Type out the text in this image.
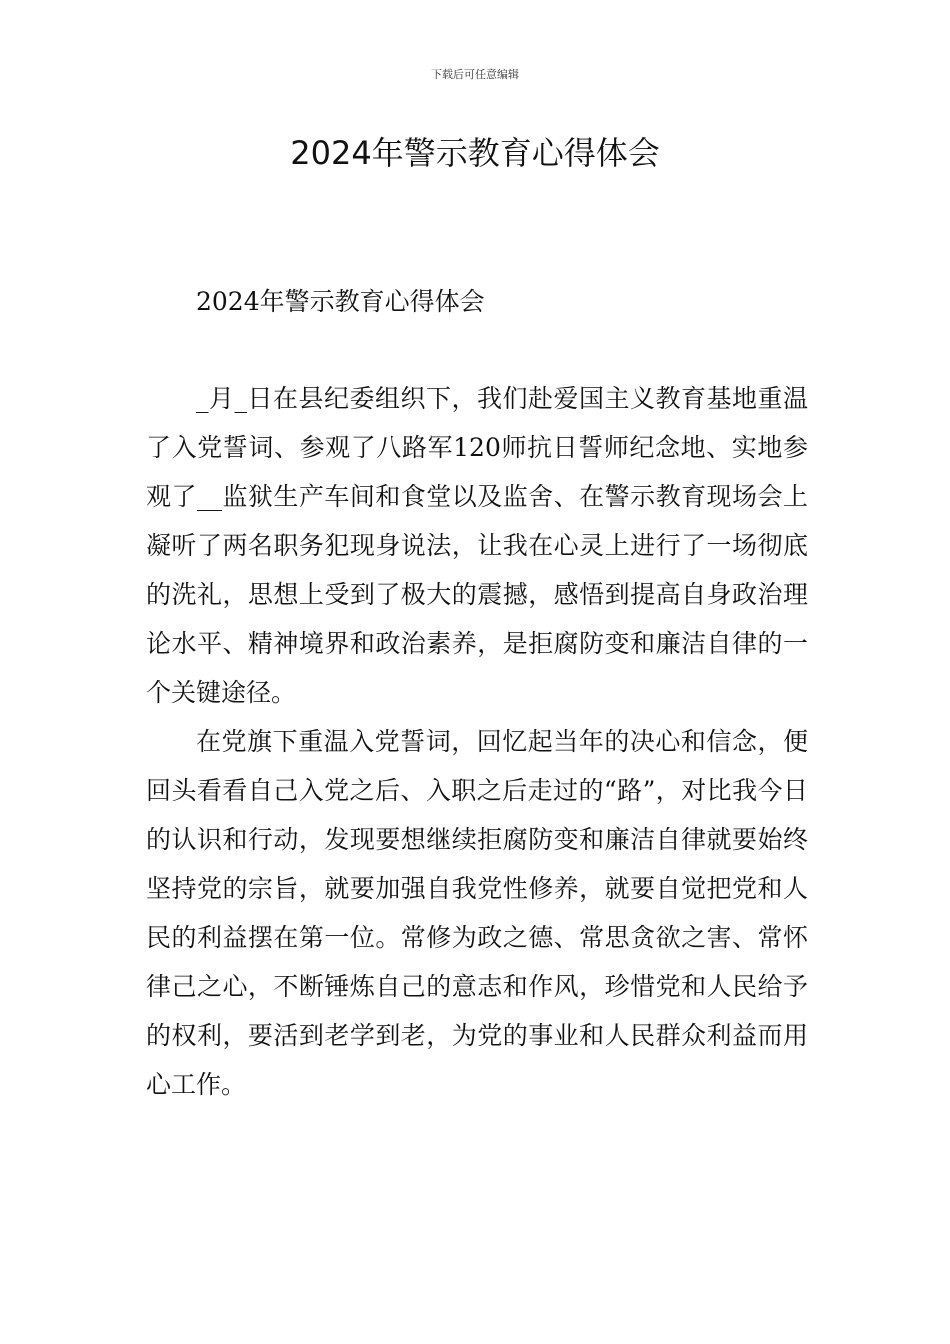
下载后可任意编辑
2024年警示教育心得体会

2024年警示教育心得体会

_月_日在县纪委组织下，我们赴爱国主义教育基地重温了入党誓词、参观了八路军120师抗日誓师纪念地、实地参观了__监狱生产车间和食堂以及监舍、在警示教育现场会上凝听了两名职务犯现身说法，让我在心灵上进行了一场彻底的洗礼，思想上受到了极大的震撼，感悟到提高自身政治理论水平、精神境界和政治素养，是拒腐防变和廉洁自律的一个关键途径。

在党旗下重温入党誓词，回忆起当年的决心和信念，便回头看看自己入党之后、入职之后走过的“路”，对比我今日的认识和行动，发现要想继续拒腐防变和廉洁自律就要始终坚持党的宗旨，就要加强自我党性修养，就要自觉把党和人民的利益摆在第一位。常修为政之德、常思贪欲之害、常怀律己之心，不断锤炼自己的意志和作风，珍惜党和人民给予的权利，要活到老学到老，为党的事业和人民群众利益而用心工作。
